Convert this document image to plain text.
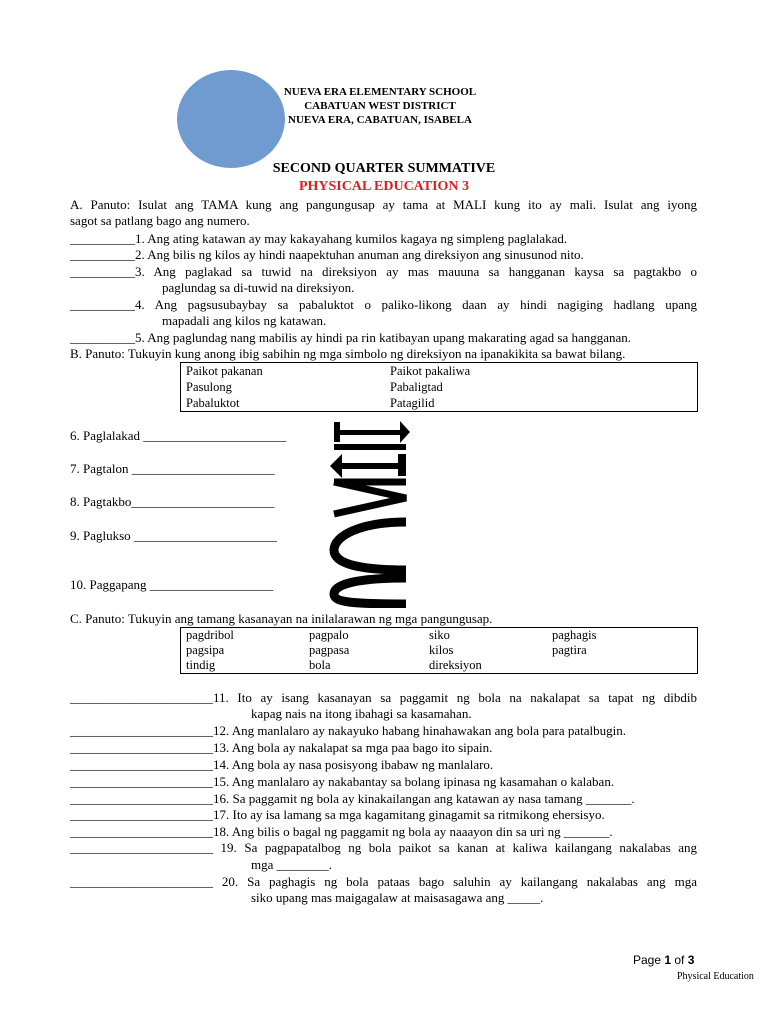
NUEVA ERA ELEMENTARY SCHOOL
CABATUAN WEST DISTRICT
NUEVA ERA, CABATUAN, ISABELA
SECOND QUARTER SUMMATIVE
PHYSICAL EDUCATION 3
A. Panuto: Isulat ang TAMA kung ang pangungusap ay tama at MALI kung ito ay mali. Isulat ang iyong
sagot sa patlang bago ang numero.
__________1. Ang ating katawan ay may kakayahang kumilos kagaya ng simpleng paglalakad.
__________2. Ang bilis ng kilos ay hindi naapektuhan anuman ang direksiyon ang sinusunod nito.
__________3. Ang paglakad sa tuwid na direksiyon ay mas mauuna sa hangganan kaysa sa pagtakbo o
paglundag sa di-tuwid na direksiyon.
__________4. Ang pagsusubaybay sa pabaluktot o paliko-likong daan ay hindi nagiging hadlang upang
mapadali ang kilos ng katawan.
__________5. Ang paglundag nang mabilis ay hindi pa rin katibayan upang makarating agad sa hangganan.
B. Panuto: Tukuyin kung anong ibig sabihin ng mga simbolo ng direksiyon na ipanakikita sa bawat bilang.
Paikot pakanan	Paikot pakaliwa
Pasulong	Pabaligtad
Pabaluktot	Patagilid
6. Paglalakad ______________________
7. Pagtalon ______________________
8. Pagtakbo______________________
9. Paglukso ______________________
10. Paggapang ___________________
C. Panuto: Tukuyin ang tamang kasanayan na inilalarawan ng mga pangungusap.
pagdribol	pagpalo	siko	paghagis
pagsipa	pagpasa	kilos	pagtira
tindig	bola	direksiyon
______________________11. Ito ay isang kasanayan sa paggamit ng bola na nakalapat sa tapat ng dibdib
kapag nais na itong ibahagi sa kasamahan.
______________________12. Ang manlalaro ay nakayuko habang hinahawakan ang bola para patalbugin.
______________________13. Ang bola ay nakalapat sa mga paa bago ito sipain.
______________________14. Ang bola ay nasa posisyong ibabaw ng manlalaro.
______________________15. Ang manlalaro ay nakabantay sa bolang ipinasa ng kasamahan o kalaban.
______________________16. Sa paggamit ng bola ay kinakailangan ang katawan ay nasa tamang _______.
______________________17. Ito ay isa lamang sa mga kagamitang ginagamit sa ritmikong ehersisyo.
______________________18. Ang bilis o bagal ng paggamit ng bola ay naaayon din sa uri ng _______.
______________________ 19. Sa pagpapatalbog ng bola paikot sa kanan at kaliwa kailangang nakalabas ang
mga ________.
______________________ 20. Sa paghagis ng bola pataas bago saluhin ay kailangang nakalabas ang mga
siko upang mas maigagalaw at maisasagawa ang _____.
Page 1 of 3
Physical Education
